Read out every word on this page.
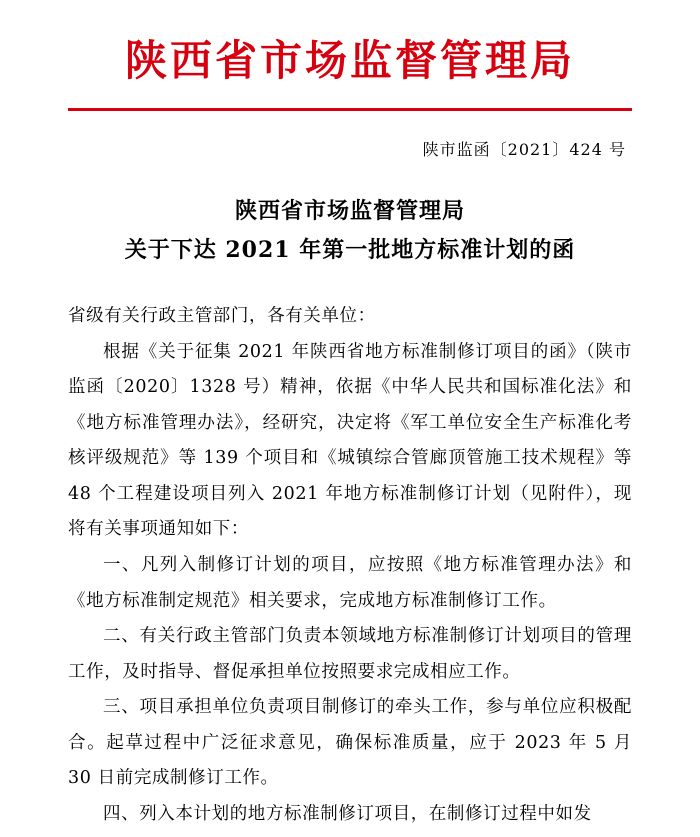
陕西省市场监督管理局
陕市监函〔2021〕424 号
陕西省市场监督管理局
关于下达 2021 年第一批地方标准计划的函

省级有关行政主管部门，各有关单位：

根据《关于征集 2021 年陕西省地方标准制修订项目的函》（陕市监函〔2020〕1328 号）精神，依据《中华人民共和国标准化法》和《地方标准管理办法》，经研究，决定将《军工单位安全生产标准化考核评级规范》等 139 个项目和《城镇综合管廊顶管施工技术规程》等 48 个工程建设项目列入 2021 年地方标准制修订计划（见附件），现将有关事项通知如下：

一、凡列入制修订计划的项目，应按照《地方标准管理办法》和《地方标准制定规范》相关要求，完成地方标准制修订工作。

二、有关行政主管部门负责本领域地方标准制修订计划项目的管理工作，及时指导、督促承担单位按照要求完成相应工作。

三、项目承担单位负责项目制修订的牵头工作，参与单位应积极配合。起草过程中广泛征求意见，确保标准质量，应于 2023 年 5 月 30 日前完成制修订工作。

四、列入本计划的地方标准制修订项目，在制修订过程中如发
